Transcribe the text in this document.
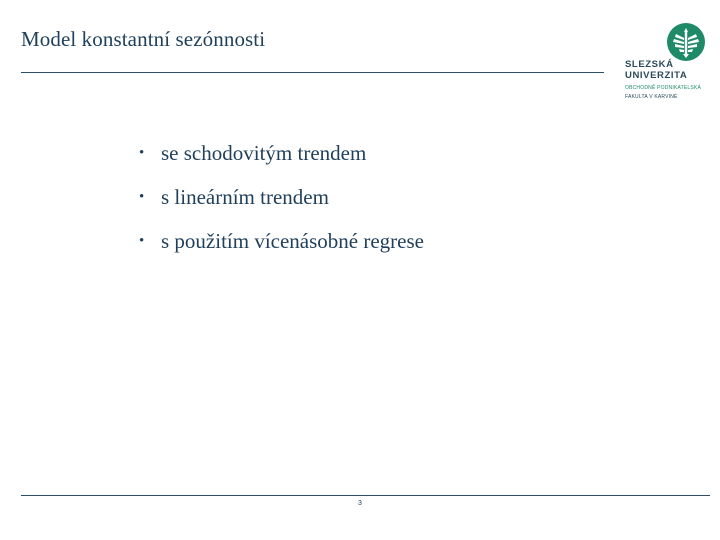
Model konstantní sezónnosti
SLEZSKÁ
UNIVERZITA
OBCHODNĚ PODNIKATELSKÁ
FAKULTA V KARVINÉ
• se schodovitým trendem
• s lineárním trendem
• s použitím vícenásobné regrese
3
